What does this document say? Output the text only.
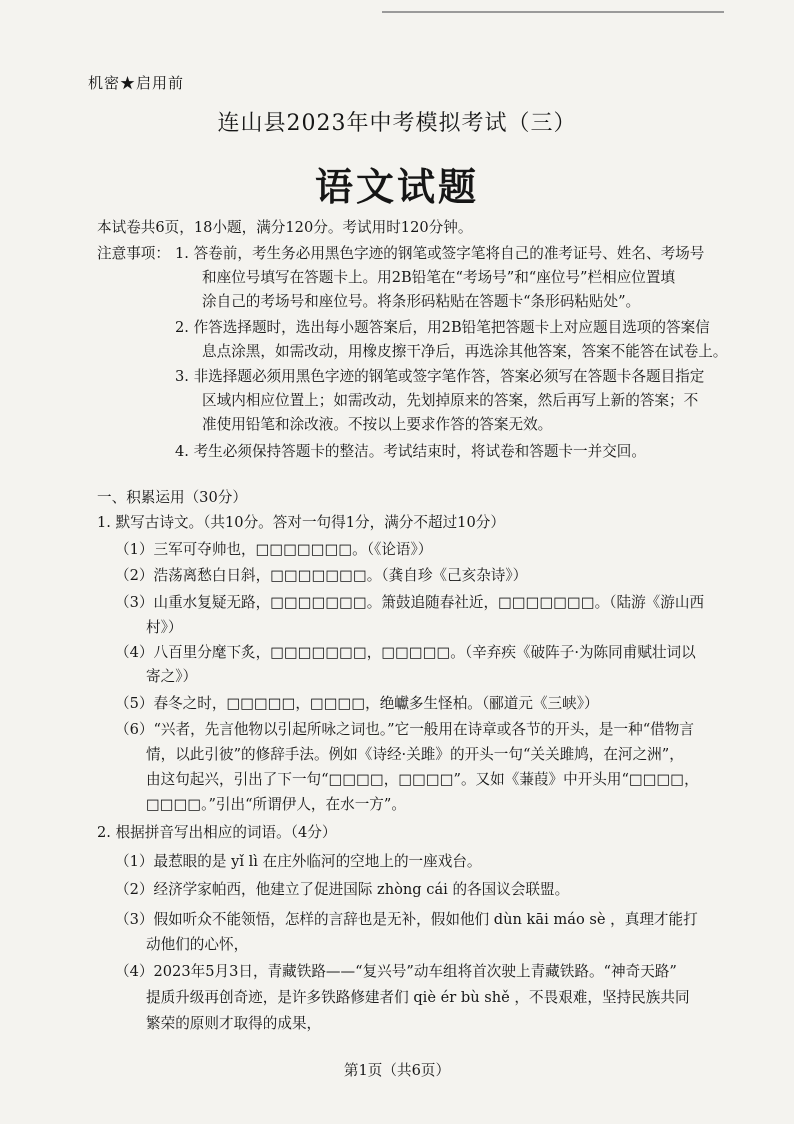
机密★启用前
连山县2023年中考模拟考试（三）
语文试题
本试卷共6页，18小题，满分120分。考试用时120分钟。
注意事项： 1. 答卷前，考生务必用黑色字迹的钢笔或签字笔将自己的准考证号、姓名、考场号
和座位号填写在答题卡上。用2B铅笔在“考场号”和“座位号”栏相应位置填
涂自己的考场号和座位号。将条形码粘贴在答题卡“条形码粘贴处”。
2. 作答选择题时，选出每小题答案后，用2B铅笔把答题卡上对应题目选项的答案信
息点涂黑，如需改动，用橡皮擦干净后，再选涂其他答案，答案不能答在试卷上。
3. 非选择题必须用黑色字迹的钢笔或签字笔作答，答案必须写在答题卡各题目指定
区域内相应位置上；如需改动，先划掉原来的答案，然后再写上新的答案；不
准使用铅笔和涂改液。不按以上要求作答的答案无效。
4. 考生必须保持答题卡的整洁。考试结束时，将试卷和答题卡一并交回。
一、积累运用（30分）
1. 默写古诗文。（共10分。答对一句得1分，满分不超过10分）
（1）三军可夺帅也，□□□□□□□。（《论语》）
（2）浩荡离愁白日斜，□□□□□□□。（龚自珍《己亥杂诗》）
（3）山重水复疑无路，□□□□□□□。箫鼓追随春社近，□□□□□□□。（陆游《游山西
村》）
（4）八百里分麾下炙，□□□□□□□，□□□□□。（辛弃疾《破阵子·为陈同甫赋壮词以
寄之》）
（5）春冬之时，□□□□□，□□□□，绝巘多生怪柏。（郦道元《三峡》）
（6）“兴者，先言他物以引起所咏之词也。”它一般用在诗章或各节的开头，是一种“借物言
情，以此引彼”的修辞手法。例如《诗经·关雎》的开头一句“关关雎鸠，在河之洲”，
由这句起兴，引出了下一句“□□□□，□□□□”。又如《蒹葭》中开头用“□□□□，
□□□□。”引出“所谓伊人，在水一方”。
2. 根据拼音写出相应的词语。（4分）
（1）最惹眼的是 yǐ lì 在庄外临河的空地上的一座戏台。
（2）经济学家帕西，他建立了促进国际 zhòng cái 的各国议会联盟。
（3）假如听众不能领悟，怎样的言辞也是无补，假如他们 dùn kāi máo sè ，真理才能打
动他们的心怀，
（4）2023年5月3日，青藏铁路——“复兴号”动车组将首次驶上青藏铁路。“神奇天路”
提质升级再创奇迹，是许多铁路修建者们 qiè ér bù shě ，不畏艰难，坚持民族共同
繁荣的原则才取得的成果，
第1页（共6页）
